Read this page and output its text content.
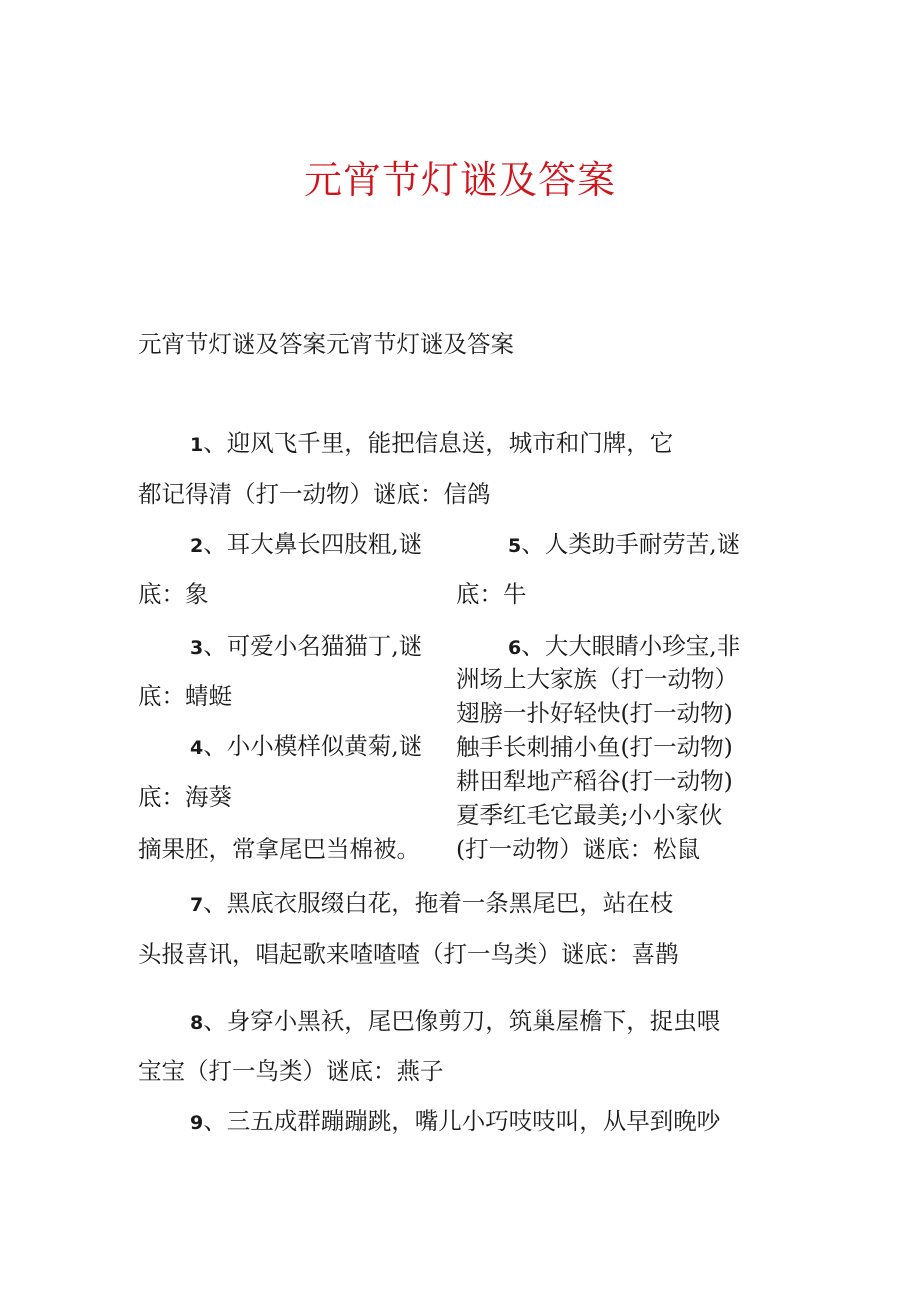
元宵节灯谜及答案
元宵节灯谜及答案元宵节灯谜及答案
1、迎风飞千里，能把信息送，城市和门牌，它
都记得清（打一动物）谜底：信鸽
2、耳大鼻长四肢粗,谜	5、人类助手耐劳苦,谜
底：象	底：牛
3、可爱小名猫猫丁,谜	6、大大眼睛小珍宝,非
洲场上大家族（打一动物）
底：蜻蜓
翅膀一扑好轻快(打一动物)
4、小小模样似黄菊,谜 触手长刺捕小鱼(打一动物)
耕田犁地产稻谷(打一动物)
底：海葵
夏季红毛它最美;小小家伙
摘果胚，常拿尾巴当棉被。 (打一动物）谜底：松鼠
7、黑底衣服缀白花，拖着一条黑尾巴，站在枝
头报喜讯，唱起歌来喳喳喳（打一鸟类）谜底：喜鹊
8、身穿小黑袄，尾巴像剪刀，筑巢屋檐下，捉虫喂
宝宝（打一鸟类）谜底：燕子
9、三五成群蹦蹦跳，嘴儿小巧吱吱叫，从早到晚吵
